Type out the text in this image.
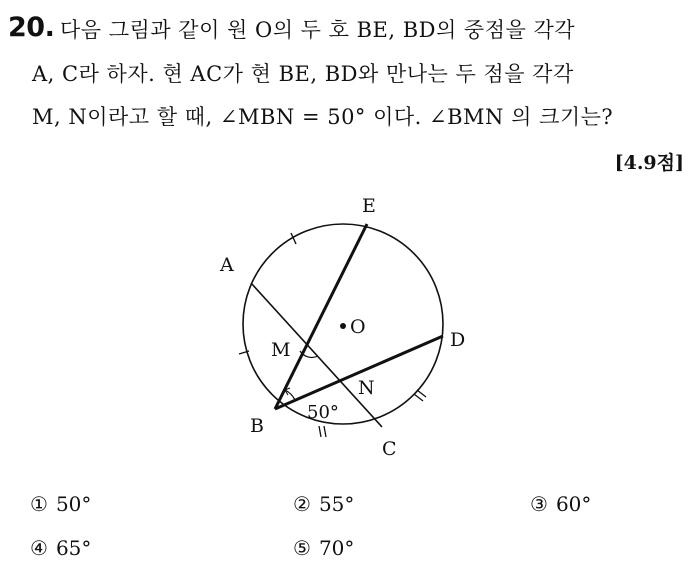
20. 다음 그림과 같이 원 O의 두 호 BE, BD의 중점을 각각
A, C라 하자. 현 AC가 현 BE, BD와 만나는 두 점을 각각
M, N이라고 할 때, ∠MBN = 50° 이다. ∠BMN 의 크기는?
[4.9점]
E
A
O
D
M
N
B
C
50°
① 50°	② 55°	③ 60°
④ 65°	⑤ 70°
